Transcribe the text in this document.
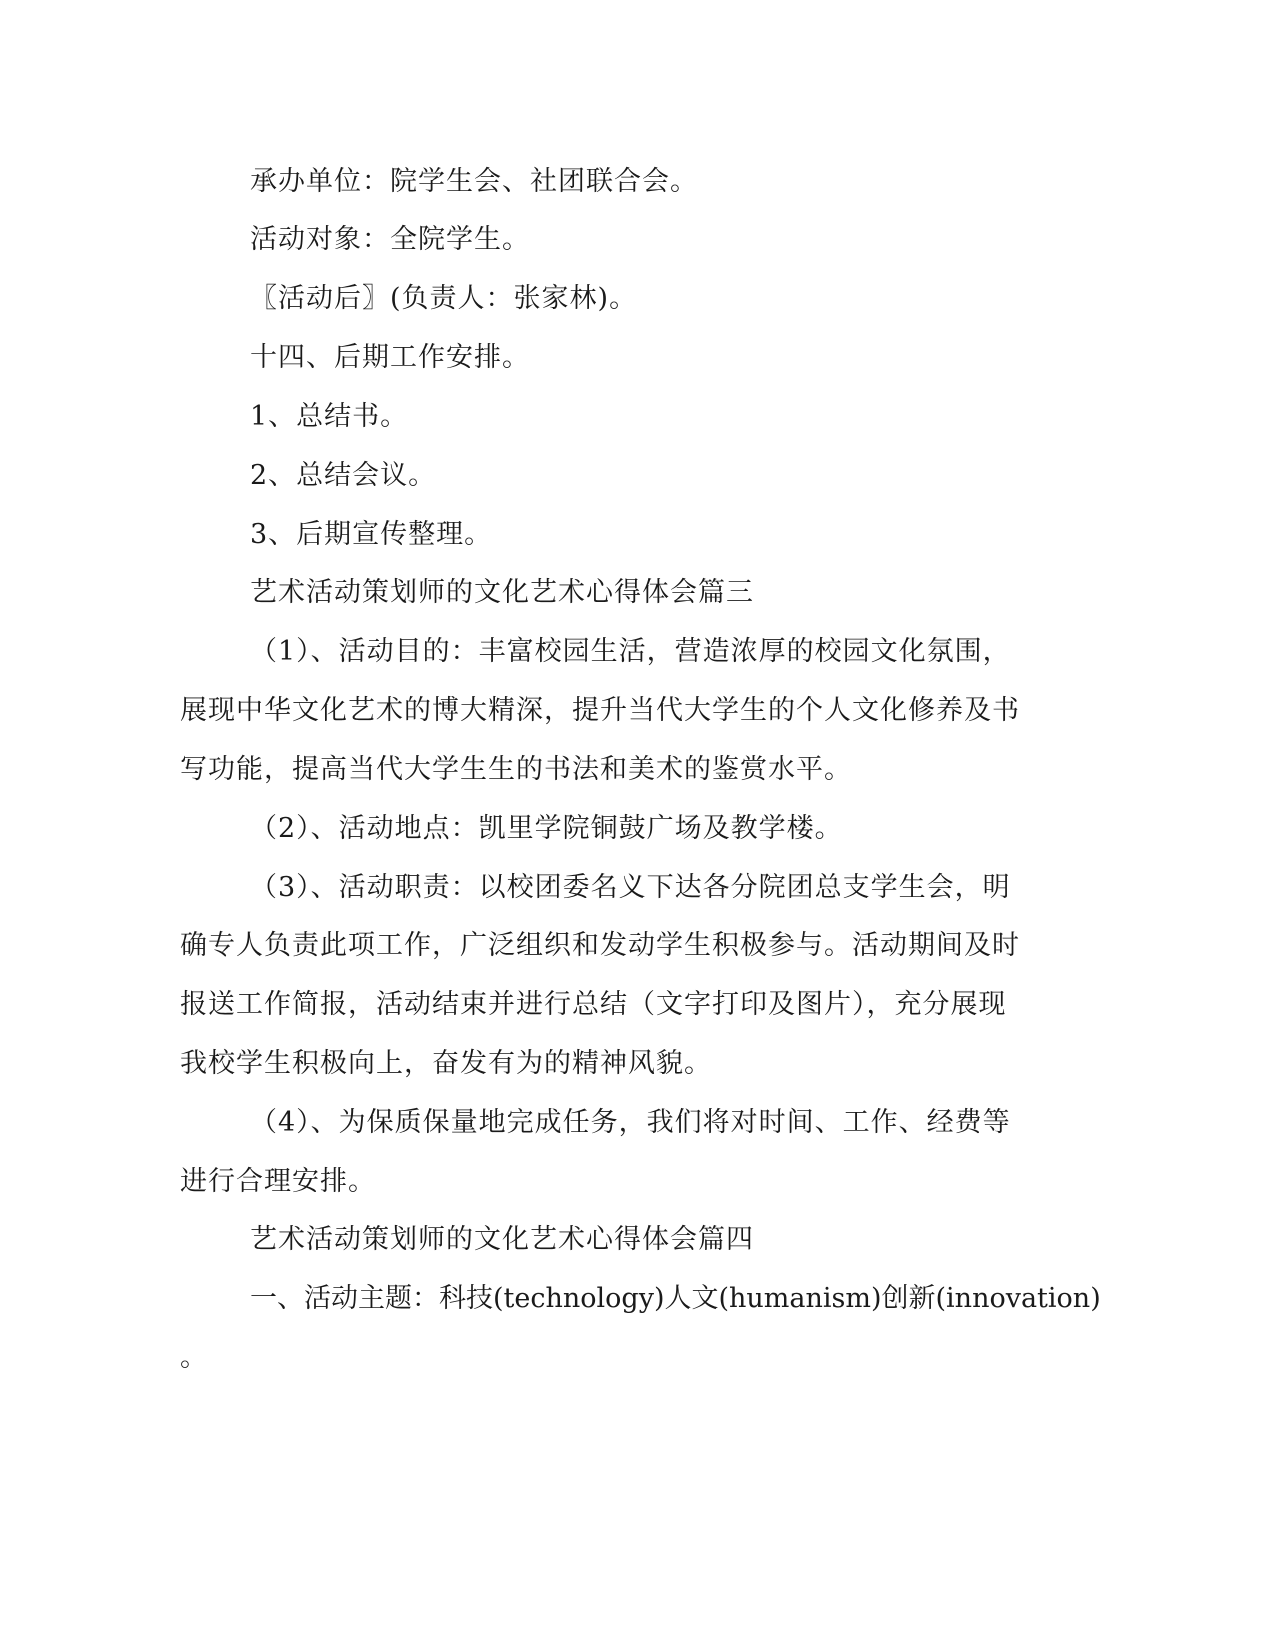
承办单位：院学生会、社团联合会。
活动对象：全院学生。
〖活动后〗(负责人：张家林)。
十四、后期工作安排。
1、总结书。
2、总结会议。
3、后期宣传整理。
艺术活动策划师的文化艺术心得体会篇三
（1）、活动目的：丰富校园生活，营造浓厚的校园文化氛围，
展现中华文化艺术的博大精深，提升当代大学生的个人文化修养及书
写功能，提高当代大学生生的书法和美术的鉴赏水平。
（2）、活动地点：凯里学院铜鼓广场及教学楼。
（3）、活动职责：以校团委名义下达各分院团总支学生会，明
确专人负责此项工作，广泛组织和发动学生积极参与。活动期间及时
报送工作简报，活动结束并进行总结（文字打印及图片），充分展现
我校学生积极向上，奋发有为的精神风貌。
（4）、为保质保量地完成任务，我们将对时间、工作、经费等
进行合理安排。
艺术活动策划师的文化艺术心得体会篇四
一、活动主题：科技(technology)人文(humanism)创新(innovation)
。
